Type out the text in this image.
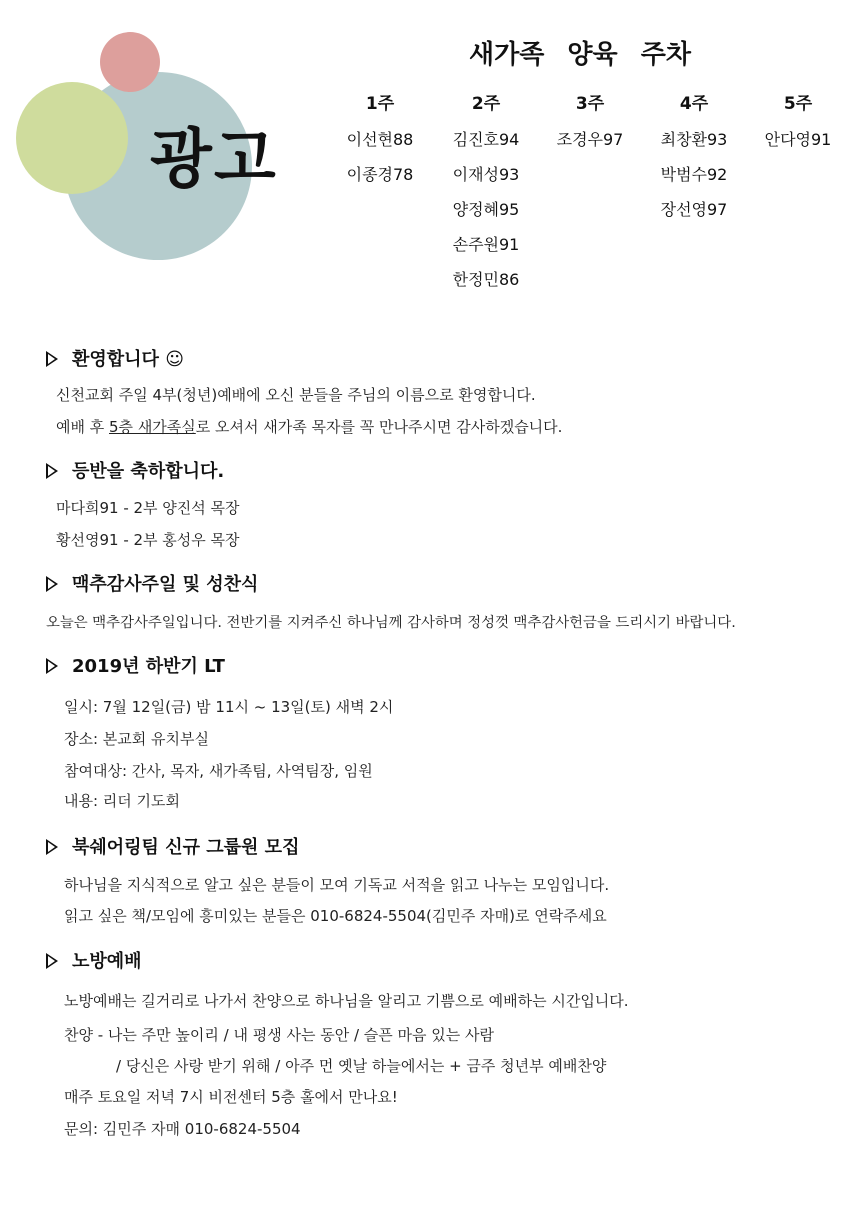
광고
새가족 양육 주차
1주
이선현88
이종경78
2주
김진호94
이재성93
양정혜95
손주원91
한정민86
3주
조경우97
4주
최창환93
박범수92
장선영97
5주
안다영91
환영합니다 ☺
신천교회 주일 4부(청년)예배에 오신 분들을 주님의 이름으로 환영합니다.
예배 후 5층 새가족실로 오셔서 새가족 목자를 꼭 만나주시면 감사하겠습니다.
등반을 축하합니다.
마다희91 - 2부 양진석 목장
황선영91 - 2부 홍성우 목장
맥추감사주일 및 성찬식
오늘은 맥추감사주일입니다. 전반기를 지켜주신 하나님께 감사하며 정성껏 맥추감사헌금을 드리시기 바랍니다.
2019년 하반기 LT
일시: 7월 12일(금) 밤 11시 ~ 13일(토) 새벽 2시
장소: 본교회 유치부실
참여대상: 간사, 목자, 새가족팀, 사역팀장, 임원
내용: 리더 기도회
북쉐어링팀 신규 그룹원 모집
하나님을 지식적으로 알고 싶은 분들이 모여 기독교 서적을 읽고 나누는 모임입니다.
읽고 싶은 책/모임에 흥미있는 분들은 010-6824-5504(김민주 자매)로 연락주세요
노방예배
노방예배는 길거리로 나가서 찬양으로 하나님을 알리고 기쁨으로 예배하는 시간입니다.
찬양 - 나는 주만 높이리 / 내 평생 사는 동안 / 슬픈 마음 있는 사람
/ 당신은 사랑 받기 위해 / 아주 먼 옛날 하늘에서는 + 금주 청년부 예배찬양
매주 토요일 저녁 7시 비전센터 5층 홀에서 만나요!
문의: 김민주 자매 010-6824-5504
